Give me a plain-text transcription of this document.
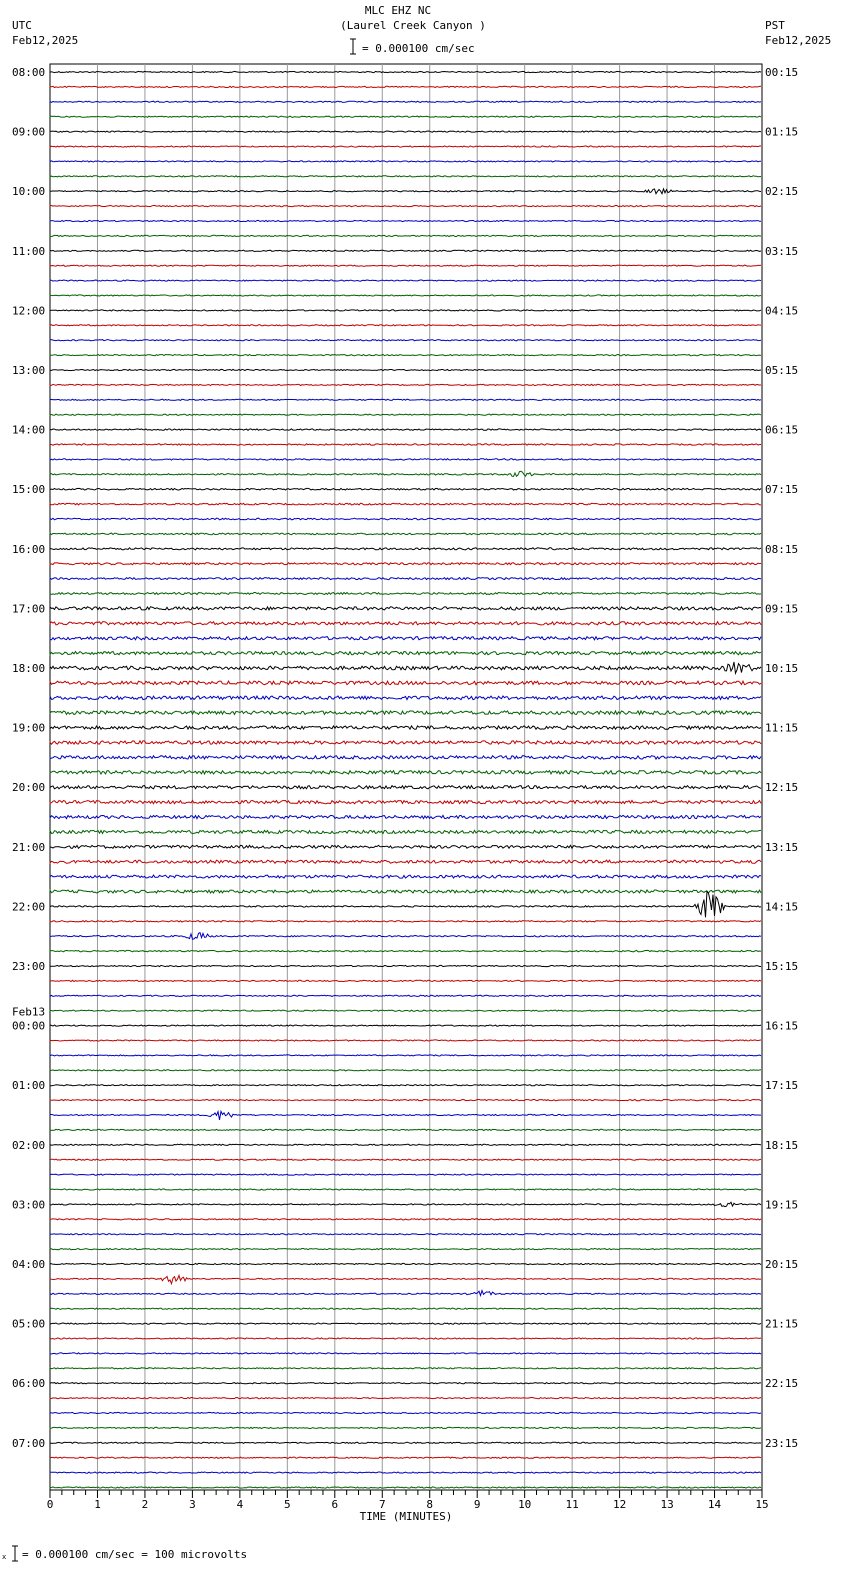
08:00
09:00
10:00
11:00
12:00
13:00
14:00
15:00
16:00
17:00
18:00
19:00
20:00
21:00
22:00
23:00
00:00
01:00
02:00
03:00
04:00
05:00
06:00
07:00
00:15
01:15
02:15
03:15
04:15
05:15
06:15
07:15
08:15
09:15
10:15
11:15
12:15
13:15
14:15
15:15
16:15
17:15
18:15
19:15
20:15
21:15
22:15
23:15
Feb13
0	1	2	3	4	5	6	7	8	9	10	11	12	13	14	15
TIME (MINUTES)
MLC EHZ NC
(Laurel Creek Canyon )
= 0.000100 cm/sec
UTC
Feb12,2025
PST
Feb12,2025
= 0.000100 cm/sec = 100 microvolts
x
